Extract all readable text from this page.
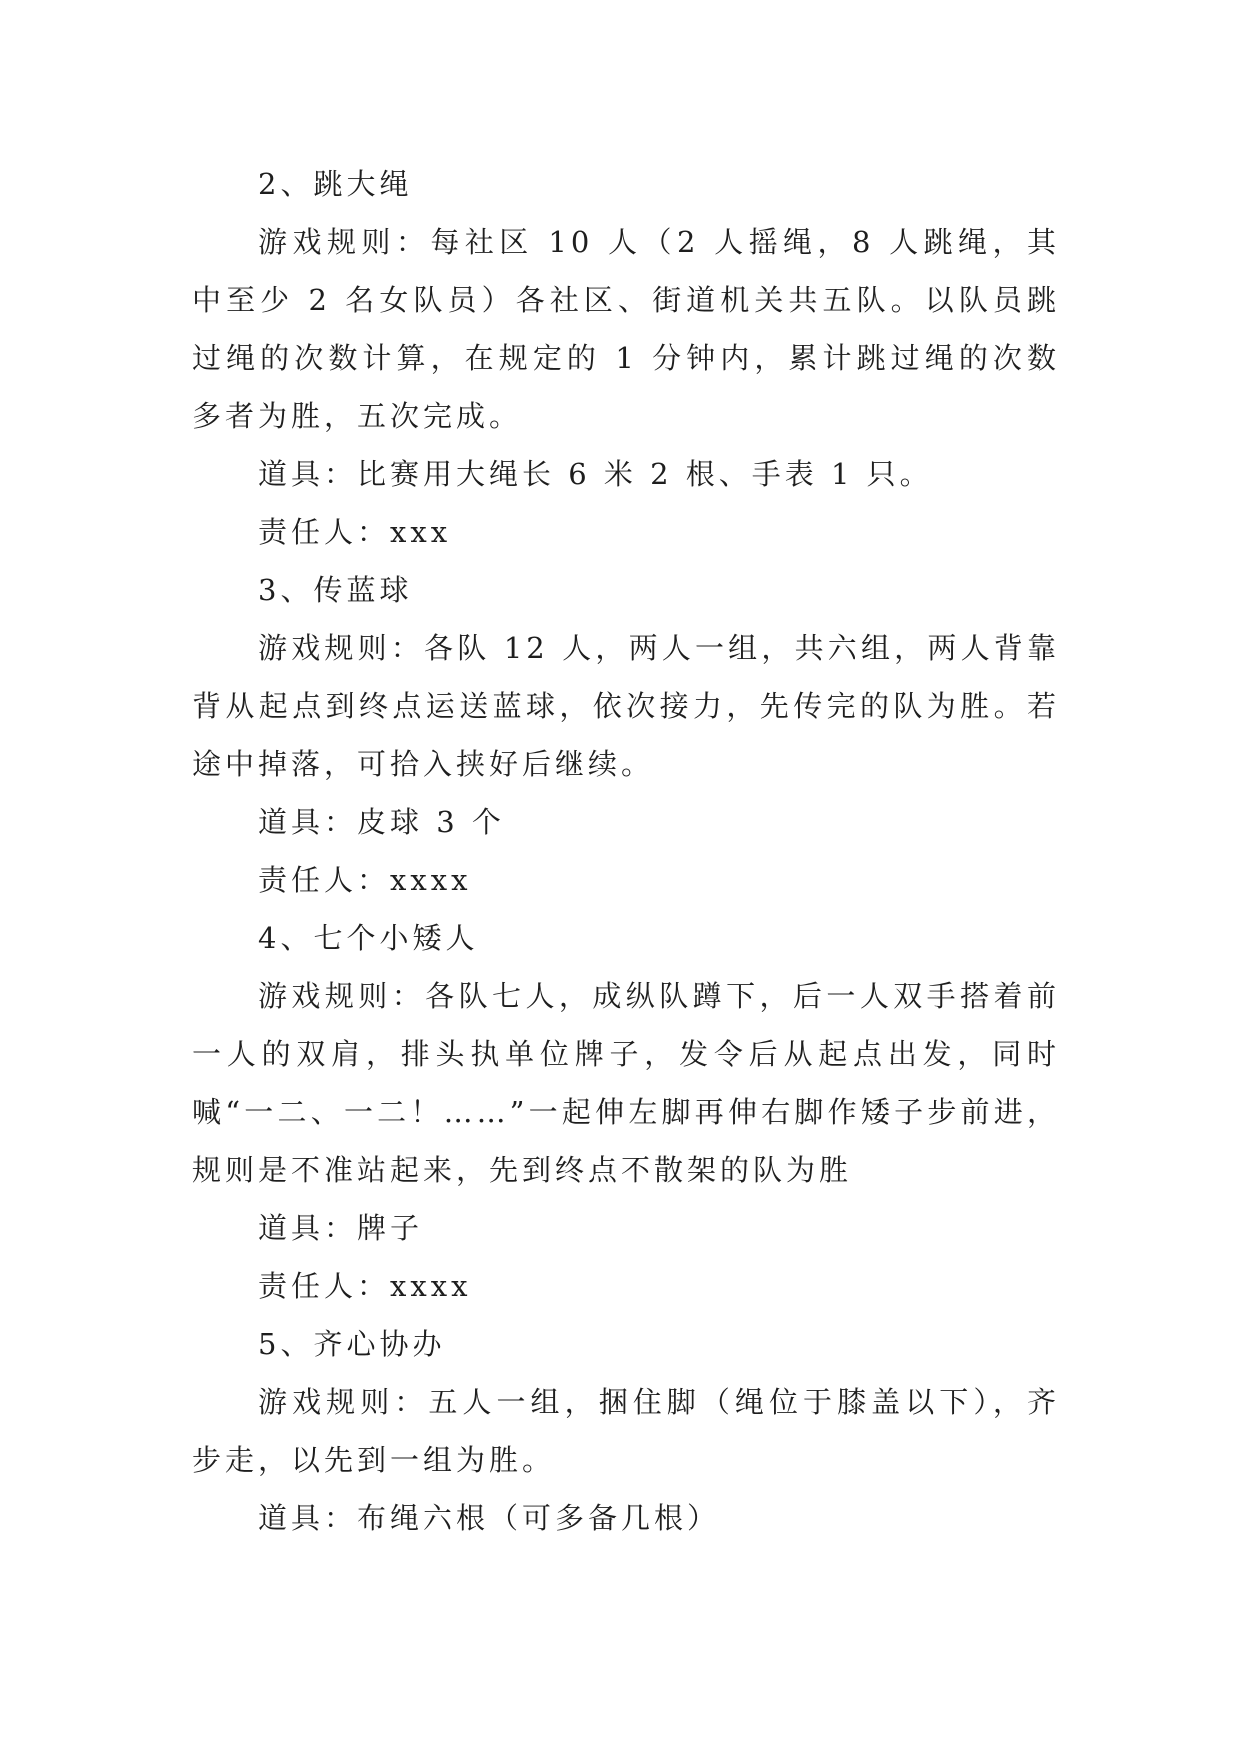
2、跳大绳

游戏规则：每社区 10 人（2 人摇绳，8 人跳绳，其中至少 2 名女队员）各社区、街道机关共五队。以队员跳过绳的次数计算，在规定的 1 分钟内，累计跳过绳的次数多者为胜，五次完成。

道具：比赛用大绳长 6 米 2 根、手表 1 只。

责任人：xxx

3、传蓝球

游戏规则：各队 12 人，两人一组，共六组，两人背靠背从起点到终点运送蓝球，依次接力，先传完的队为胜。若途中掉落，可拾入挟好后继续。

道具：皮球 3 个

责任人：xxxx

4、七个小矮人

游戏规则：各队七人，成纵队蹲下，后一人双手搭着前一人的双肩，排头执单位牌子，发令后从起点出发，同时喊“一二、一二！……”一起伸左脚再伸右脚作矮子步前进，规则是不准站起来，先到终点不散架的队为胜

道具：牌子

责任人：xxxx

5、齐心协办

游戏规则：五人一组，捆住脚（绳位于膝盖以下），齐步走，以先到一组为胜。

道具：布绳六根（可多备几根）
